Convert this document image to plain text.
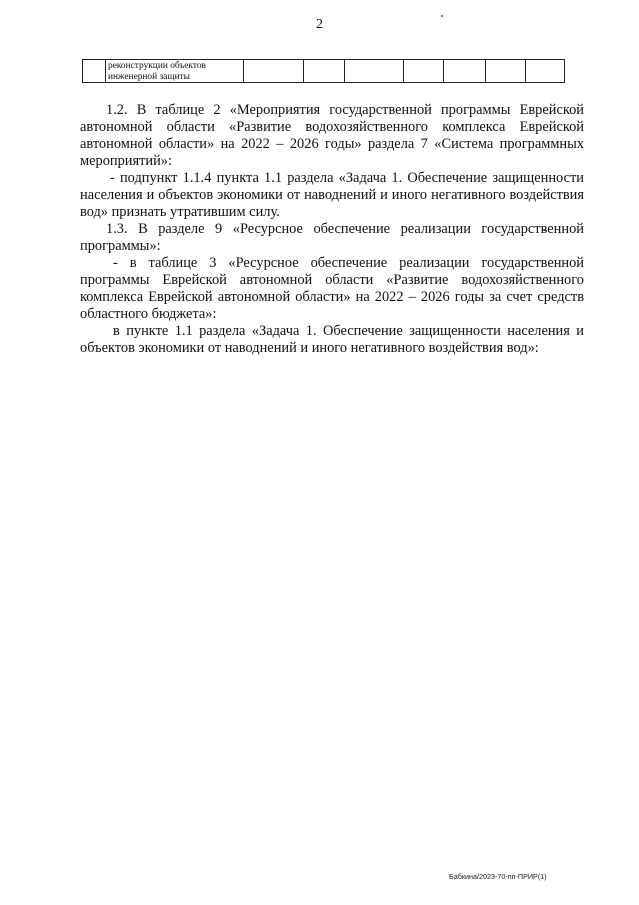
2
	реконструкции объектов
инженерной защиты							

1.2. В таблице 2 «Мероприятия государственной программы Еврейской автономной области «Развитие водохозяйственного комплекса Еврейской автономной области» на 2022 – 2026 годы» раздела 7 «Система программных мероприятий»:

- подпункт 1.1.4 пункта 1.1 раздела «Задача 1. Обеспечение защищенности населения и объектов экономики от наводнений и иного негативного воздействия вод» признать утратившим силу.

1.3. В разделе 9 «Ресурсное обеспечение реализации государственной программы»:

- в таблице 3 «Ресурсное обеспечение реализации государственной программы Еврейской автономной области «Развитие водохозяйственного комплекса Еврейской автономной области» на 2022 – 2026 годы за счет средств областного бюджета»:

в пункте 1.1 раздела «Задача 1. Обеспечение защищенности населения и объектов экономики от наводнений и иного негативного воздействия вод»:

Бабкина/2023-70-пп-ПРИР(1)
